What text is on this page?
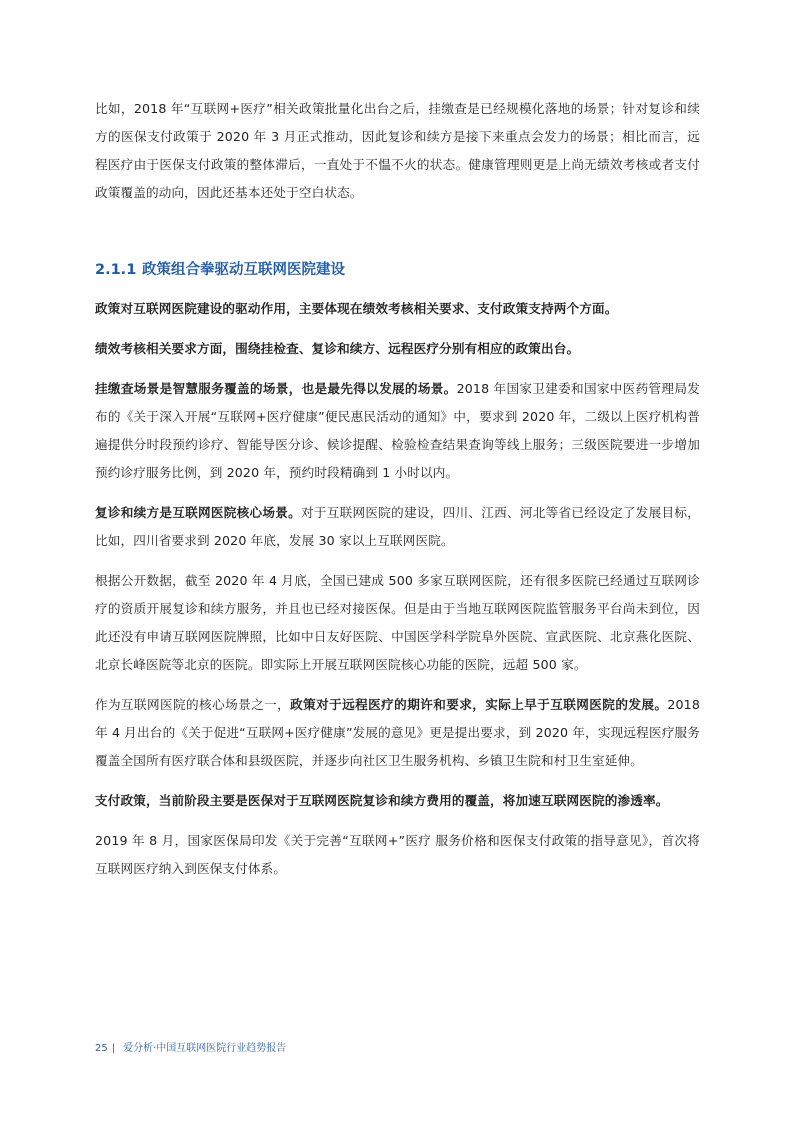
比如，2018 年“互联网+医疗”相关政策批量化出台之后，挂缴查是已经规模化落地的场景；针对复诊和续方的医保支付政策于 2020 年 3 月正式推动，因此复诊和续方是接下来重点会发力的场景；相比而言，远程医疗由于医保支付政策的整体滞后，一直处于不愠不火的状态。健康管理则更是上尚无绩效考核或者支付政策覆盖的动向，因此还基本还处于空白状态。

2.1.1 政策组合拳驱动互联网医院建设

政策对互联网医院建设的驱动作用，主要体现在绩效考核相关要求、支付政策支持两个方面。

绩效考核相关要求方面，围绕挂检查、复诊和续方、远程医疗分别有相应的政策出台。

挂缴查场景是智慧服务覆盖的场景，也是最先得以发展的场景。2018 年国家卫建委和国家中医药管理局发布的《关于深入开展“互联网+医疗健康”便民惠民活动的通知》中，要求到 2020 年，二级以上医疗机构普遍提供分时段预约诊疗、智能导医分诊、候诊提醒、检验检查结果查询等线上服务；三级医院要进一步增加预约诊疗服务比例，到 2020 年，预约时段精确到 1 小时以内。

复诊和续方是互联网医院核心场景。对于互联网医院的建设，四川、江西、河北等省已经设定了发展目标，比如，四川省要求到 2020 年底，发展 30 家以上互联网医院。

根据公开数据，截至 2020 年 4 月底，全国已建成 500 多家互联网医院，还有很多医院已经通过互联网诊疗的资质开展复诊和续方服务，并且也已经对接医保。但是由于当地互联网医院监管服务平台尚未到位，因此还没有申请互联网医院牌照，比如中日友好医院、中国医学科学院阜外医院、宣武医院、北京燕化医院、北京长峰医院等北京的医院。即实际上开展互联网医院核心功能的医院，远超 500 家。

作为互联网医院的核心场景之一，政策对于远程医疗的期许和要求，实际上早于互联网医院的发展。2018 年 4 月出台的《关于促进“互联网+医疗健康”发展的意见》更是提出要求，到 2020 年，实现远程医疗服务覆盖全国所有医疗联合体和县级医院，并逐步向社区卫生服务机构、乡镇卫生院和村卫生室延伸。

支付政策，当前阶段主要是医保对于互联网医院复诊和续方费用的覆盖，将加速互联网医院的渗透率。

2019 年 8 月，国家医保局印发《关于完善“互联网+”医疗 服务价格和医保支付政策的指导意见》，首次将互联网医疗纳入到医保支付体系。

25 | 爱分析·中国互联网医院行业趋势报告
